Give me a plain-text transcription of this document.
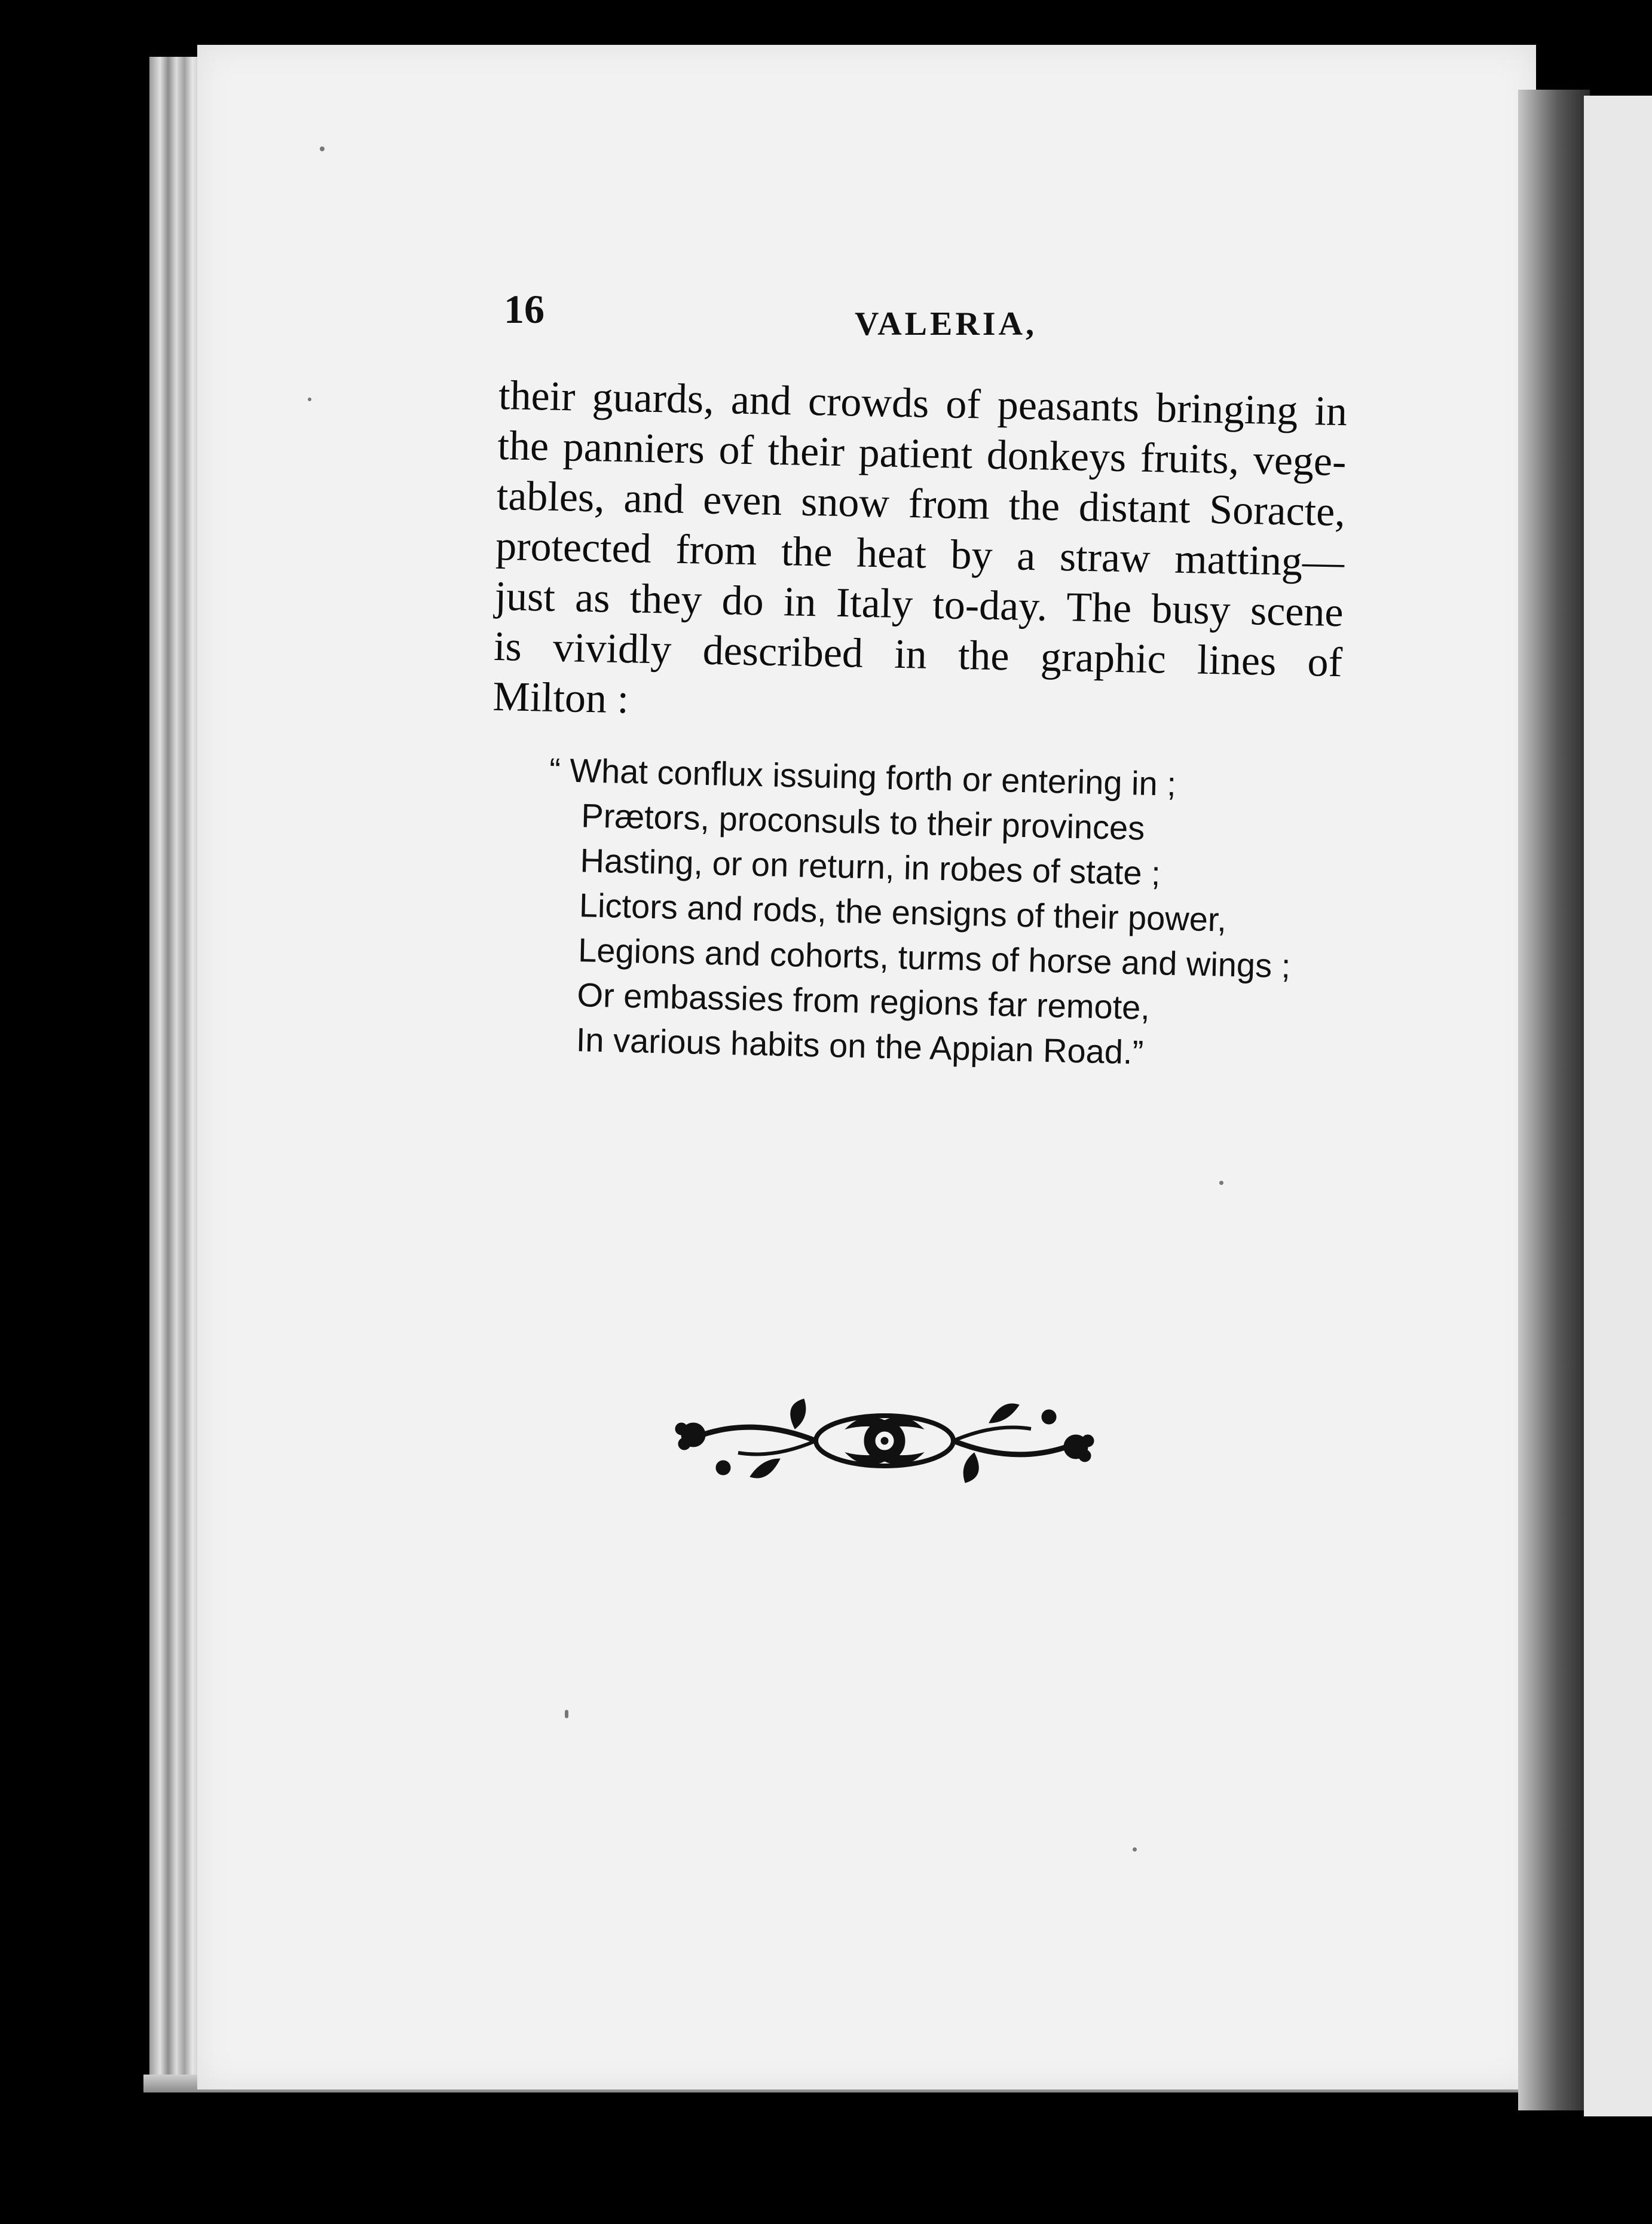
16	VALERIA,
their guards, and crowds of peasants bringing in
the panniers of their patient donkeys fruits, vege-
tables, and even snow from the distant Soracte,
protected from the heat by a straw matting—
just as they do in Italy to-day. The busy scene
is vividly described in the graphic lines of
Milton :
“ What conflux issuing forth or entering in ;
Prætors, proconsuls to their provinces
Hasting, or on return, in robes of state ;
Lictors and rods, the ensigns of their power,
Legions and cohorts, turms of horse and wings ;
Or embassies from regions far remote,
In various habits on the Appian Road.”
